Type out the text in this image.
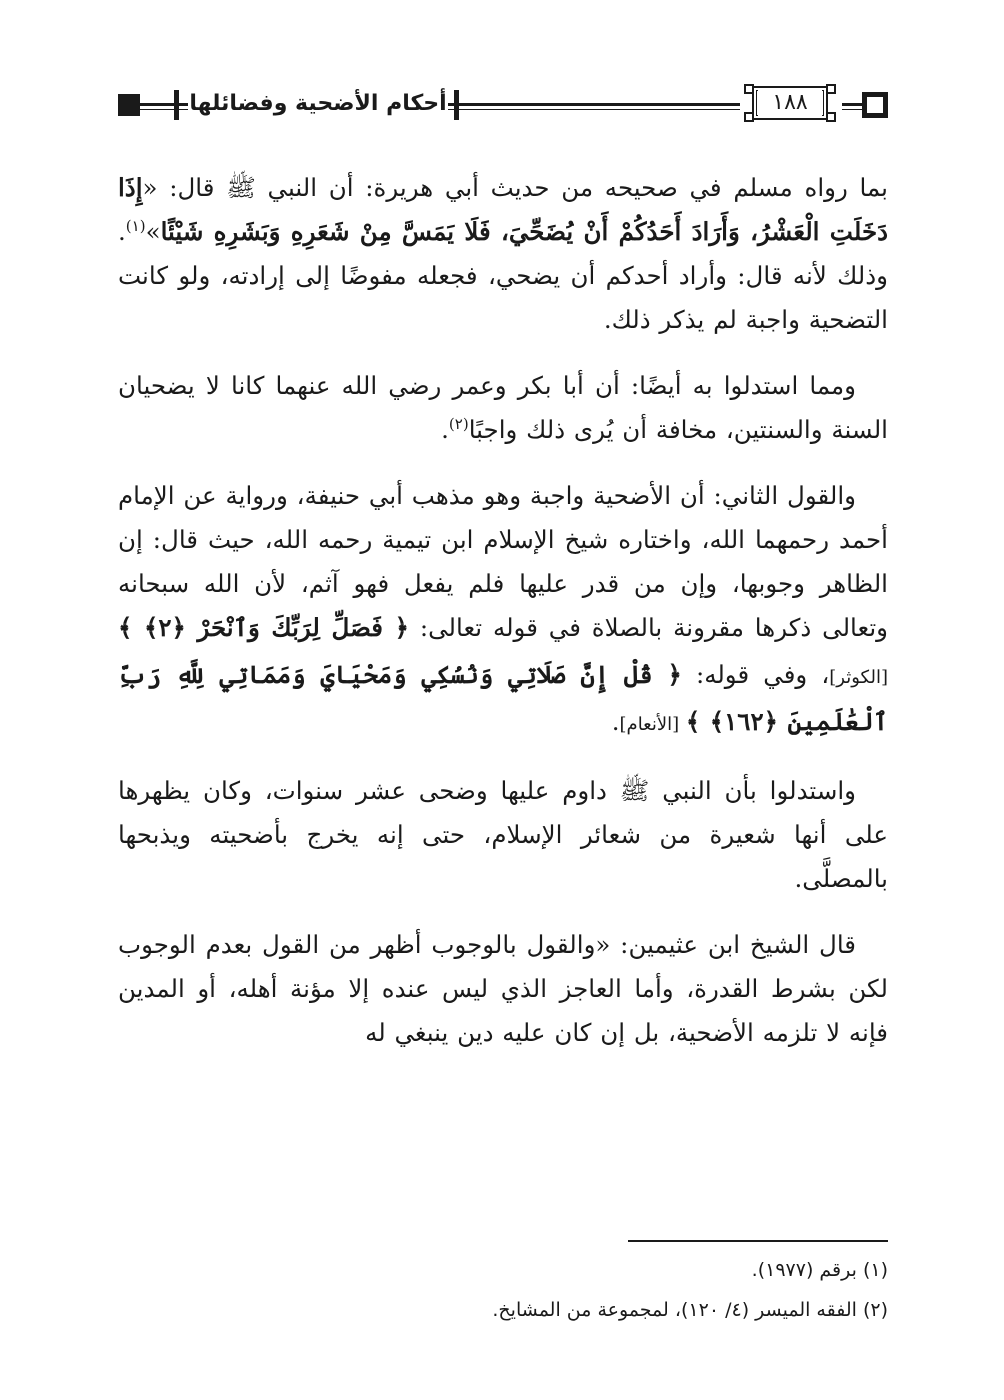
أحكام الأضحية وفضائلها	١٨٨

بما رواه مسلم في صحيحه من حديث أبي هريرة: أن النبي ﷺ قال: «إِذَا دَخَلَتِ الْعَشْرُ، وَأَرَادَ أَحَدُكُمْ أَنْ يُضَحِّيَ، فَلَا يَمَسَّ مِنْ شَعَرِهِ وَبَشَرِهِ شَيْئًا»$^{(١)}$. وذلك لأنه قال: وأراد أحدكم أن يضحي، فجعله مفوضًا إلى إرادته، ولو كانت التضحية واجبة لم يذكر ذلك.

ومما استدلوا به أيضًا: أن أبا بكر وعمر رضي الله عنهما كانا لا يضحيان السنة والسنتين، مخافة أن يُرى ذلك واجبًا$^{(٢)}$.

والقول الثاني: أن الأضحية واجبة وهو مذهب أبي حنيفة، ورواية عن الإمام أحمد رحمهما الله، واختاره شيخ الإسلام ابن تيمية رحمه الله، حيث قال: إن الظاهر وجوبها، وإن من قدر عليها فلم يفعل فهو آثم، لأن الله سبحانه وتعالى ذكرها مقرونة بالصلاة في قوله تعالى: ﴿ فَصَلِّ لِرَبِّكَ وَٱنْحَرْ ﴿٢﴾ ﴾ [الكوثر]، وفي قوله: ﴿ قُلْ إِنَّ صَلَاتِي وَنُسُكِي وَمَحْيَايَ وَمَمَاتِي لِلَّهِ رَبِّ ٱلْعَٰلَمِينَ ﴿١٦٢﴾ ﴾ [الأنعام].

واستدلوا بأن النبي ﷺ داوم عليها وضحى عشر سنوات، وكان يظهرها على أنها شعيرة من شعائر الإسلام، حتى إنه يخرج بأضحيته ويذبحها بالمصلَّى.

قال الشيخ ابن عثيمين: «والقول بالوجوب أظهر من القول بعدم الوجوب لكن بشرط القدرة، وأما العاجز الذي ليس عنده إلا مؤنة أهله، أو المدين فإنه لا تلزمه الأضحية، بل إن كان عليه دين ينبغي له

(١) برقم (١٩٧٧).
(٢) الفقه الميسر (٤/ ١٢٠)، لمجموعة من المشايخ.
